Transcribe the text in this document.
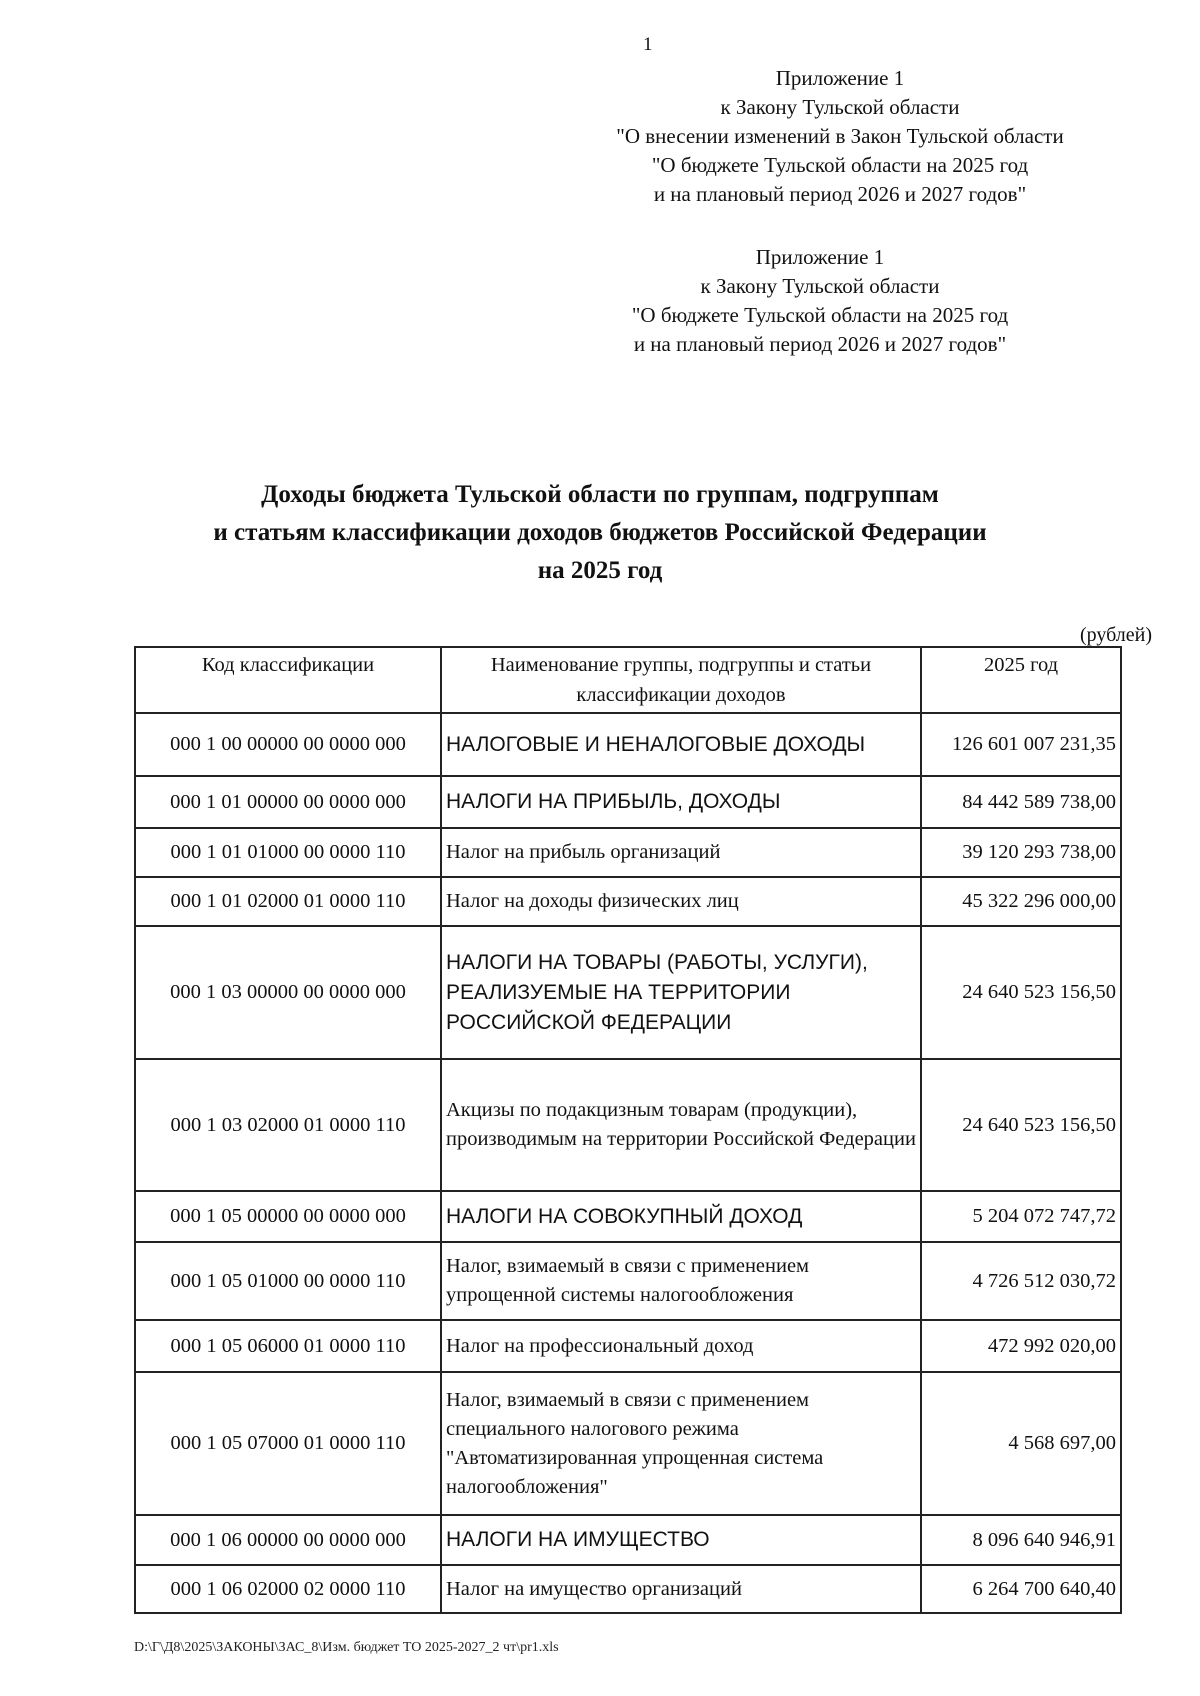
1
Приложение 1
к Закону Тульской области
"О внесении изменений в Закон Тульской области
"О бюджете Тульской области на 2025 год
и на плановый период 2026 и 2027 годов"
Приложение 1
к Закону Тульской области
"О бюджете Тульской области на 2025 год
и на плановый период 2026 и 2027 годов"
Доходы бюджета Тульской области по группам, подгруппам
и статьям классификации доходов бюджетов Российской Федерации
на 2025 год
(рублей)
Код классификации	Наименование группы, подгруппы и статьи классификации доходов	2025 год
000 1 00 00000 00 0000 000	НАЛОГОВЫЕ И НЕНАЛОГОВЫЕ ДОХОДЫ	126 601 007 231,35
000 1 01 00000 00 0000 000	НАЛОГИ НА ПРИБЫЛЬ, ДОХОДЫ	84 442 589 738,00
000 1 01 01000 00 0000 110	Налог на прибыль организаций	39 120 293 738,00
000 1 01 02000 01 0000 110	Налог на доходы физических лиц	45 322 296 000,00
000 1 03 00000 00 0000 000	НАЛОГИ НА ТОВАРЫ (РАБОТЫ, УСЛУГИ), РЕАЛИЗУЕМЫЕ НА ТЕРРИТОРИИ РОССИЙСКОЙ ФЕДЕРАЦИИ	24 640 523 156,50
000 1 03 02000 01 0000 110	Акцизы по подакцизным товарам (продукции), производимым на территории Российской Федерации	24 640 523 156,50
000 1 05 00000 00 0000 000	НАЛОГИ НА СОВОКУПНЫЙ ДОХОД	5 204 072 747,72
000 1 05 01000 00 0000 110	Налог, взимаемый в связи с применением упрощенной системы налогообложения	4 726 512 030,72
000 1 05 06000 01 0000 110	Налог на профессиональный доход	472 992 020,00
000 1 05 07000 01 0000 110	Налог, взимаемый в связи с применением специального налогового режима "Автоматизированная упрощенная система налогообложения"	4 568 697,00
000 1 06 00000 00 0000 000	НАЛОГИ НА ИМУЩЕСТВО	8 096 640 946,91
000 1 06 02000 02 0000 110	Налог на имущество организаций	6 264 700 640,40
D:\Г\Д8\2025\ЗАКОНЫ\ЗАС_8\Изм. бюджет ТО 2025-2027_2 чт\pr1.xls
